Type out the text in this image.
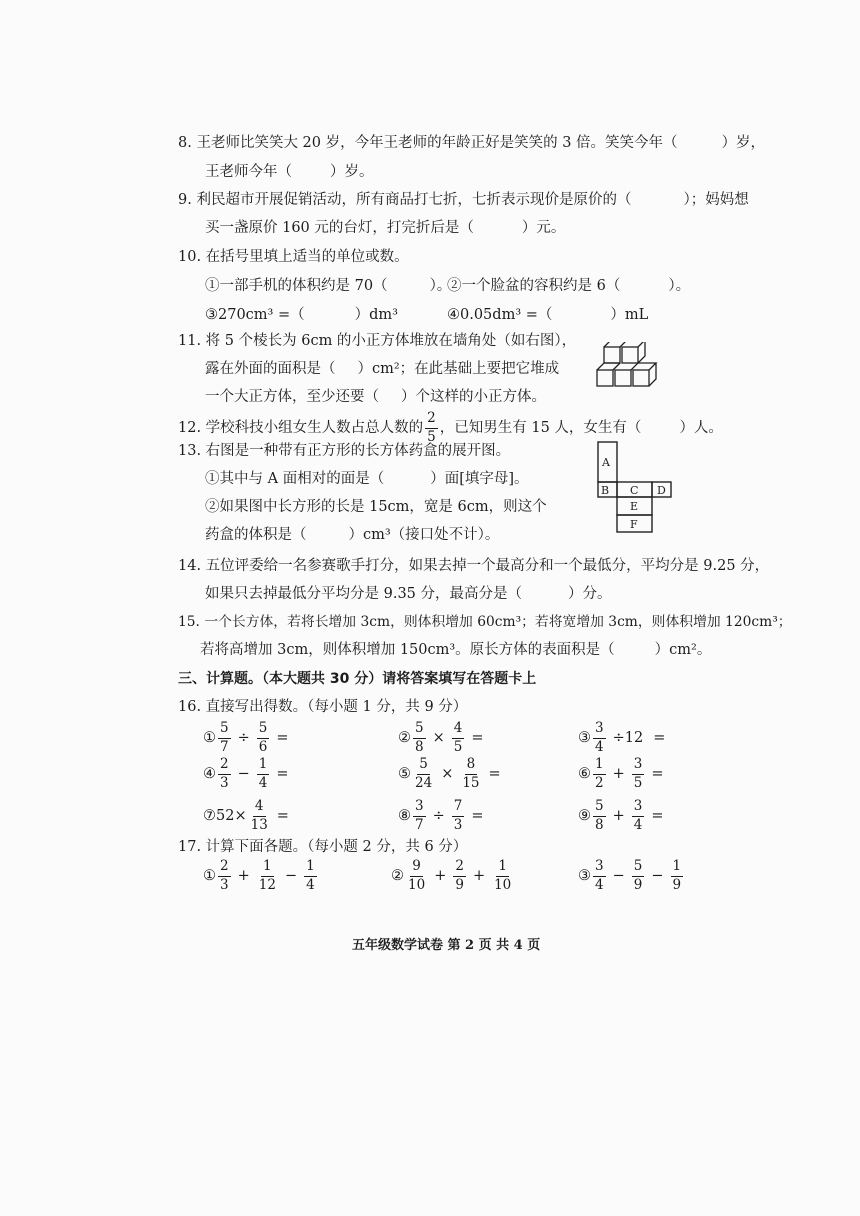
8. 王老师比笑笑大 20 岁，今年王老师的年龄正好是笑笑的 3 倍。笑笑今年（	）岁，
王老师今年（	）岁。
9. 利民超市开展促销活动，所有商品打七折，七折表示现价是原价的（	）；妈妈想
买一盏原价 160 元的台灯，打完折后是（	）元。
10. 在括号里填上适当的单位或数。
①一部手机的体积约是 70（	）。
②一个脸盆的容积约是 6（	）。
③270cm³ =（	）dm³	④0.05dm³ =（	）mL
11. 将 5 个棱长为 6cm 的小正方体堆放在墙角处（如右图），
露在外面的面积是（ ）cm²；在此基础上要把它堆成
一个大正方体，至少还要（ ）个这样的小正方体。
12. 学校科技小组女生人数占总人数的 $\frac{2}{5}$ ，已知男生有 15 人，女生有（	）人。
13. 右图是一种带有正方形的长方体药盒的展开图。
①其中与 A 面相对的面是（	）面[填字母]。
②如果图中长方形的长是 15cm，宽是 6cm，则这个
药盒的体积是（	）cm³（接口处不计）。
A
B C D
E
F
14. 五位评委给一名参赛歌手打分，如果去掉一个最高分和一个最低分，平均分是 9.25 分，
如果只去掉最低分平均分是 9.35 分，最高分是（	）分。
15. 一个长方体，若将长增加 3cm，则体积增加 60cm³；若将宽增加 3cm，则体积增加 120cm³；
若将高增加 3cm，则体积增加 150cm³。原长方体的表面积是（	）cm²。
三、计算题。（本大题共 30 分）请将答案填写在答题卡上
16. 直接写出得数。（每小题 1 分，共 9 分）
17. 计算下面各题。（每小题 2 分，共 6 分）
五年级数学试卷 第 2 页 共 4 页
① $\frac{5}{7} \div \frac{5}{6}$ =	② $\frac{5}{8} \times \frac{4}{5}$ =	③ $\frac{3}{4} \div 12$ =
④ $\frac{2}{3} - \frac{1}{4}$ =	⑤ $\frac{5}{24} \times \frac{8}{15}$ =	⑥ $\frac{1}{2} + \frac{3}{5}$ =
⑦52× $\frac{4}{13}$ =	⑧ $\frac{3}{7} \div \frac{7}{3}$ =	⑨ $\frac{5}{8} + \frac{3}{4}$ =
① $\frac{2}{3} + \frac{1}{12} - \frac{1}{4}$	② $\frac{9}{10} + \frac{2}{9} + \frac{1}{10}$	③ $\frac{3}{4} - \frac{5}{9} - \frac{1}{9}$
